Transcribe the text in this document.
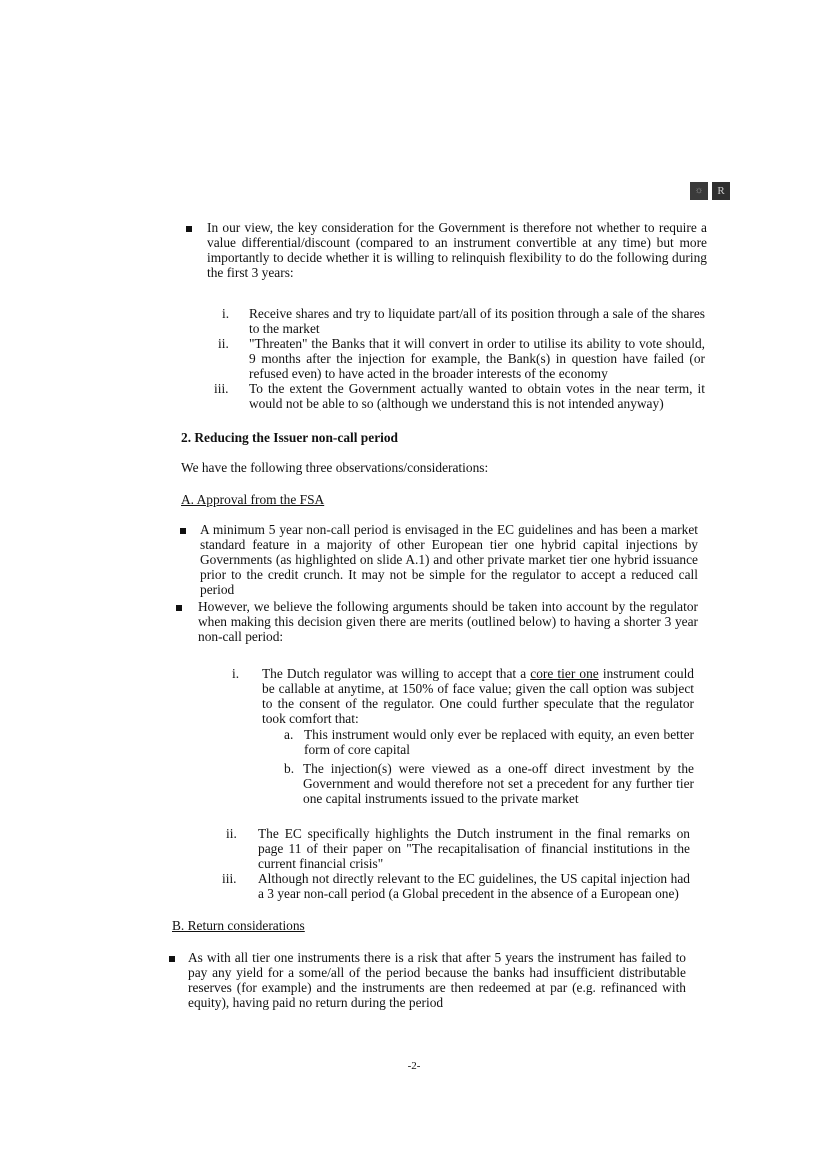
☼	R
In our view, the key consideration for the Government is therefore not whether to require a value differential/discount (compared to an instrument convertible at any time) but more importantly to decide whether it is willing to relinquish flexibility to do the following during the first 3 years:
i. Receive shares and try to liquidate part/all of its position through a sale of the shares to the market
ii. "Threaten" the Banks that it will convert in order to utilise its ability to vote should, 9 months after the injection for example, the Bank(s) in question have failed (or refused even) to have acted in the broader interests of the economy
iii. To the extent the Government actually wanted to obtain votes in the near term, it would not be able to so (although we understand this is not intended anyway)
2. Reducing the Issuer non-call period
We have the following three observations/considerations:
A. Approval from the FSA
A minimum 5 year non-call period is envisaged in the EC guidelines and has been a market standard feature in a majority of other European tier one hybrid capital injections by Governments (as highlighted on slide A.1) and other private market tier one hybrid issuance prior to the credit crunch. It may not be simple for the regulator to accept a reduced call period
However, we believe the following arguments should be taken into account by the regulator when making this decision given there are merits (outlined below) to having a shorter 3 year non-call period:
i. The Dutch regulator was willing to accept that a core tier one instrument could be callable at anytime, at 150% of face value; given the call option was subject to the consent of the regulator. One could further speculate that the regulator took comfort that:
a. This instrument would only ever be replaced with equity, an even better form of core capital
b. The injection(s) were viewed as a one-off direct investment by the Government and would therefore not set a precedent for any further tier one capital instruments issued to the private market
ii. The EC specifically highlights the Dutch instrument in the final remarks on page 11 of their paper on "The recapitalisation of financial institutions in the current financial crisis"
iii. Although not directly relevant to the EC guidelines, the US capital injection had a 3 year non-call period (a Global precedent in the absence of a European one)
B. Return considerations
As with all tier one instruments there is a risk that after 5 years the instrument has failed to pay any yield for a some/all of the period because the banks had insufficient distributable reserves (for example) and the instruments are then redeemed at par (e.g. refinanced with equity), having paid no return during the period
-2-
